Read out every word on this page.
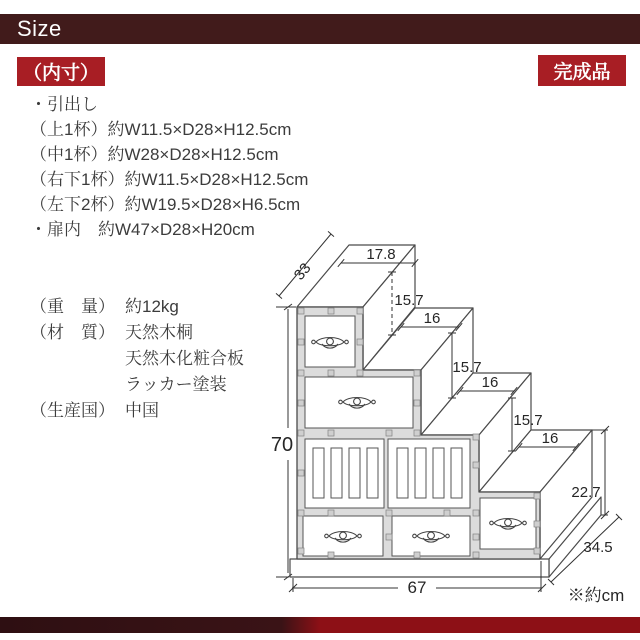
Size
（内寸）	完成品
・引出し
（上1杯）約W11.5×D28×H12.5cm
（中1杯）約W28×D28×H12.5cm
（右下1杯）約W11.5×D28×H12.5cm
（左下2杯）約W19.5×D28×H6.5cm
・扉内　約W47×D28×H20cm
（重　量） 約12kg
（材　質） 天然木桐
天然木化粧合板
ラッカー塗装
（生産国） 中国
33
17.8
15.7
16
15.7
16
15.7
16
22.7
34.5
70
67	※約cm
